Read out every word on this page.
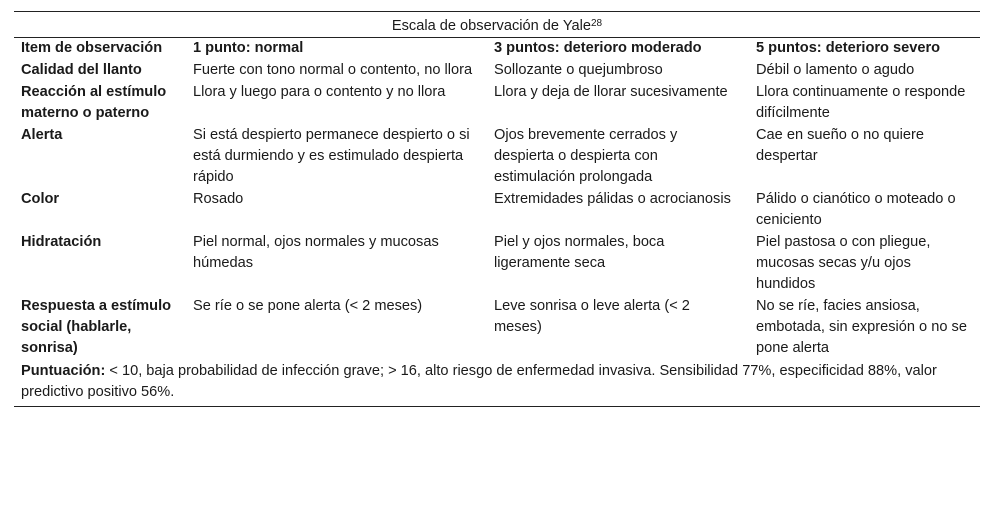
Escala de observación de Yale$^{28}$
Item de observación	1 punto: normal	3 puntos: deterioro moderado	5 puntos: deterioro severo
Calidad del llanto	Fuerte con tono normal o contento, no llora	Sollozante o quejumbroso	Débil o lamento o agudo
Reacción al estímulo materno o paterno	Llora y luego para o contento y no llora	Llora y deja de llorar sucesivamente	Llora continuamente o responde difícilmente
Alerta	Si está despierto permanece despierto o si está durmiendo y es estimulado despierta rápido	Ojos brevemente cerrados y despierta o despierta con estimulación prolongada	Cae en sueño o no quiere despertar
Color	Rosado	Extremidades pálidas o acrocianosis	Pálido o cianótico o moteado o ceniciento
Hidratación	Piel normal, ojos normales y mucosas húmedas	Piel y ojos normales, boca ligeramente seca	Piel pastosa o con pliegue, mucosas secas y/u ojos hundidos
Respuesta a estímulo social (hablarle, sonrisa)	Se ríe o se pone alerta (< 2 meses)	Leve sonrisa o leve alerta (< 2 meses)	No se ríe, facies ansiosa, embotada, sin expresión o no se pone alerta
Puntuación: < 10, baja probabilidad de infección grave; > 16, alto riesgo de enfermedad invasiva. Sensibilidad 77%, especificidad 88%, valor predictivo positivo 56%.
